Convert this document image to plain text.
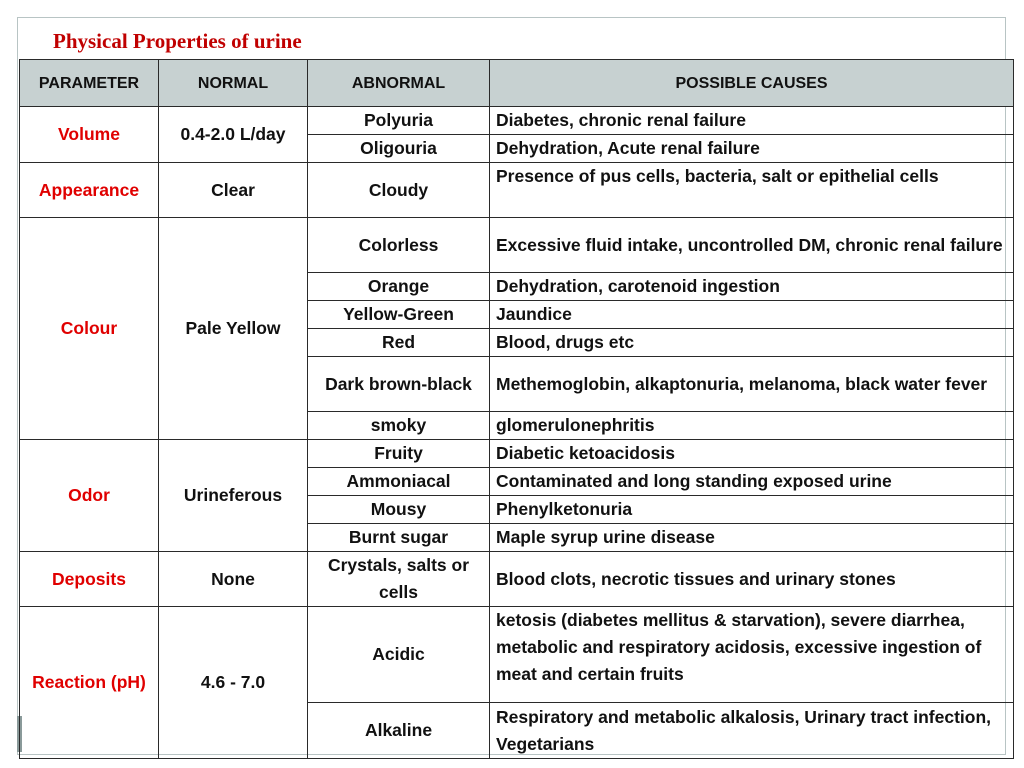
Physical Properties of urine
PARAMETER	NORMAL	ABNORMAL	POSSIBLE CAUSES
Volume	0.4-2.0 L/day	Polyuria	Diabetes, chronic renal failure
		Oligouria	Dehydration, Acute renal failure
Appearance	Clear	Cloudy	Presence of pus cells, bacteria, salt or epithelial cells
Colour	Pale Yellow	Colorless	Excessive fluid intake, uncontrolled DM, chronic renal failure
		Orange	Dehydration, carotenoid ingestion
		Yellow-Green	Jaundice
		Red	Blood, drugs etc
		Dark brown-black	Methemoglobin, alkaptonuria, melanoma, black water fever
		smoky	glomerulonephritis
Odor	Urineferous	Fruity	Diabetic ketoacidosis
		Ammoniacal	Contaminated and long standing exposed urine
		Mousy	Phenylketonuria
		Burnt sugar	Maple syrup urine disease
Deposits	None	Crystals, salts or cells	Blood clots, necrotic tissues and urinary stones
Reaction (pH)	4.6 - 7.0	Acidic	ketosis (diabetes mellitus & starvation), severe diarrhea, metabolic and respiratory acidosis, excessive ingestion of meat and certain fruits
		Alkaline	Respiratory and metabolic alkalosis, Urinary tract infection, Vegetarians
